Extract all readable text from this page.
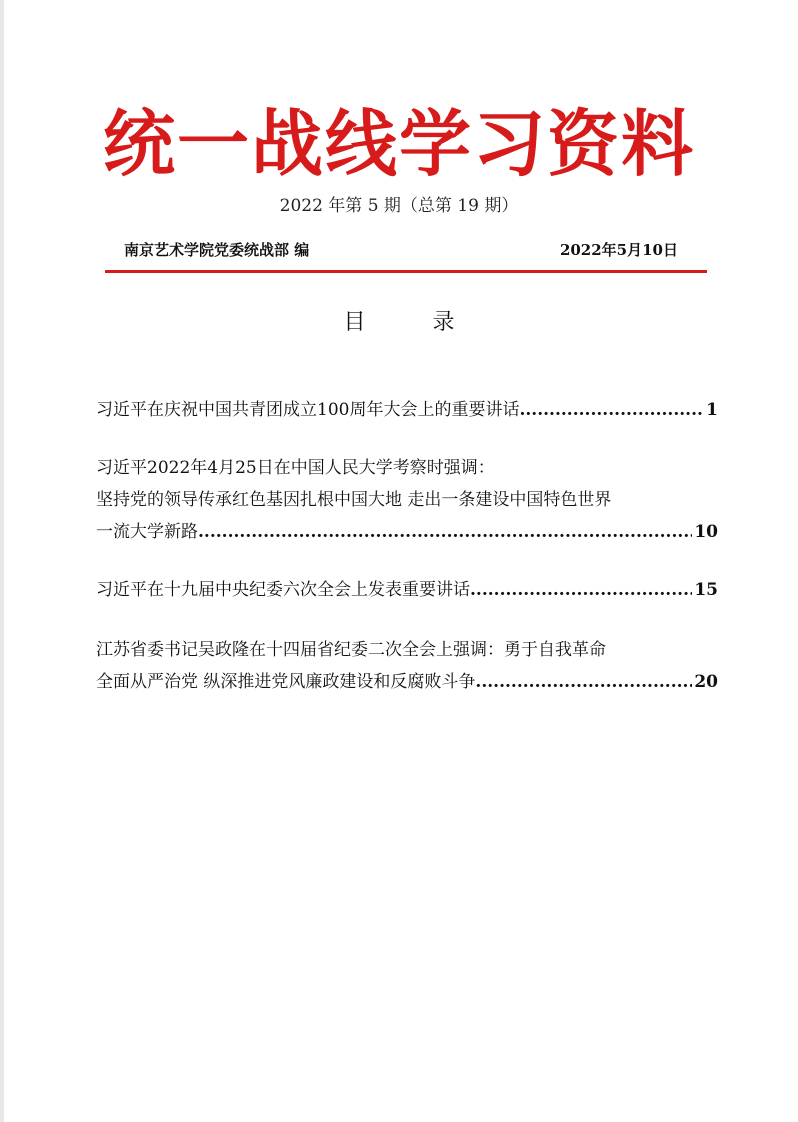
统一战线学习资料
2022 年第 5 期（总第 19 期）
南京艺术学院党委统战部 编	2022年5月10日
目 录
习近平在庆祝中国共青团成立100周年大会上的重要讲话 .....	1
习近平2022年4月25日在中国人民大学考察时强调：
坚持党的领导传承红色基因扎根中国大地 走出一条建设中国特色世界
一流大学新路 .....	10
习近平在十九届中央纪委六次全会上发表重要讲话 .....	15
江苏省委书记吴政隆在十四届省纪委二次全会上强调：勇于自我革命
全面从严治党 纵深推进党风廉政建设和反腐败斗争 .....	20
